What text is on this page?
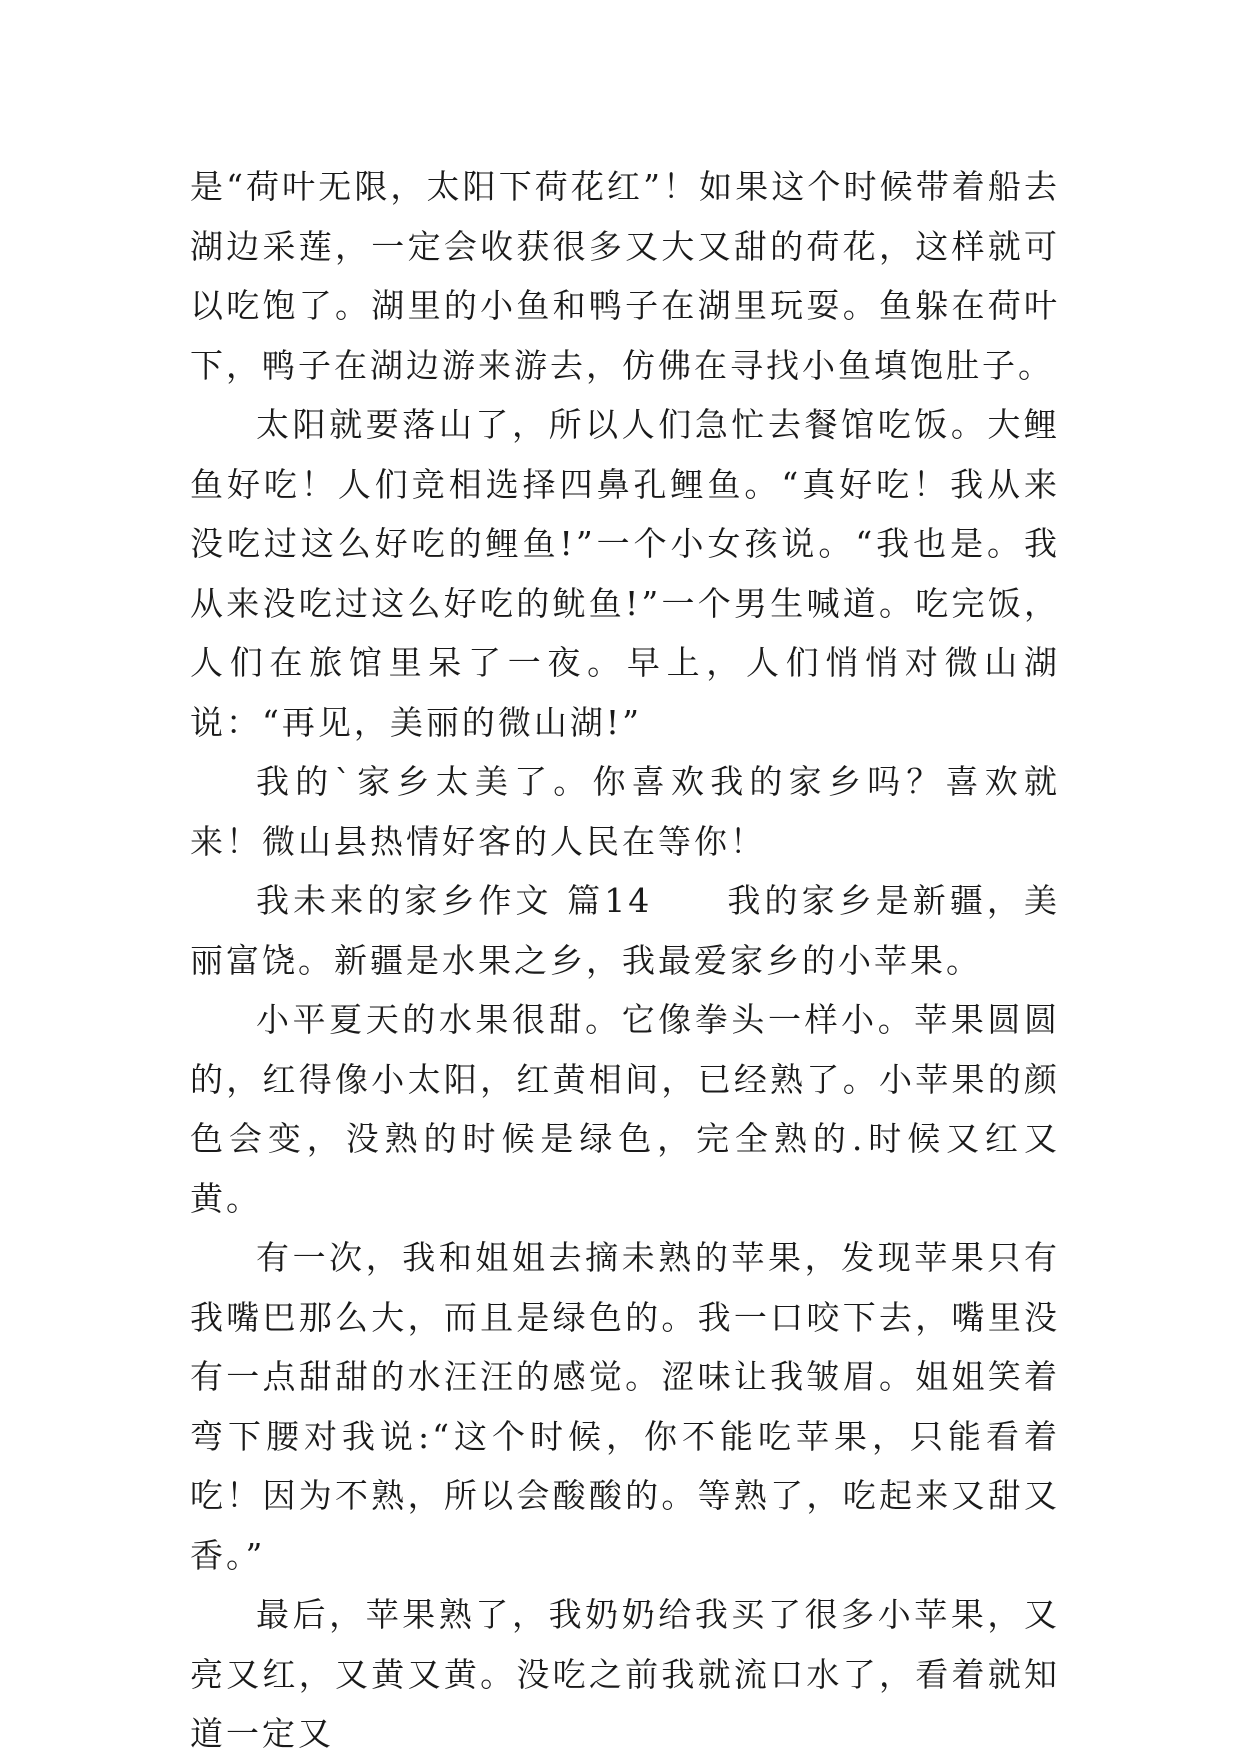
是“荷叶无限，太阳下荷花红”！如果这个时候带着船去湖边采莲，一定会收获很多又大又甜的荷花，这样就可以吃饱了。湖里的小鱼和鸭子在湖里玩耍。鱼躲在荷叶下，鸭子在湖边游来游去，仿佛在寻找小鱼填饱肚子。

太阳就要落山了，所以人们急忙去餐馆吃饭。大鲤鱼好吃！人们竞相选择四鼻孔鲤鱼。“真好吃！我从来没吃过这么好吃的鲤鱼!”一个小女孩说。“我也是。我从来没吃过这么好吃的鱿鱼!”一个男生喊道。吃完饭，人们在旅馆里呆了一夜。早上，人们悄悄对微山湖说：“再见，美丽的微山湖!”

我的`家乡太美了。你喜欢我的家乡吗？喜欢就来！微山县热情好客的人民在等你！

我未来的家乡作文 篇14　　我的家乡是新疆，美丽富饶。新疆是水果之乡，我最爱家乡的小苹果。

小平夏天的水果很甜。它像拳头一样小。苹果圆圆的，红得像小太阳，红黄相间，已经熟了。小苹果的颜色会变，没熟的时候是绿色，完全熟的.时候又红又黄。

有一次，我和姐姐去摘未熟的苹果，发现苹果只有我嘴巴那么大，而且是绿色的。我一口咬下去，嘴里没有一点甜甜的水汪汪的感觉。涩味让我皱眉。姐姐笑着弯下腰对我说:“这个时候，你不能吃苹果，只能看着吃！因为不熟，所以会酸酸的。等熟了，吃起来又甜又香。”

最后，苹果熟了，我奶奶给我买了很多小苹果，又亮又红，又黄又黄。没吃之前我就流口水了，看着就知道一定又
